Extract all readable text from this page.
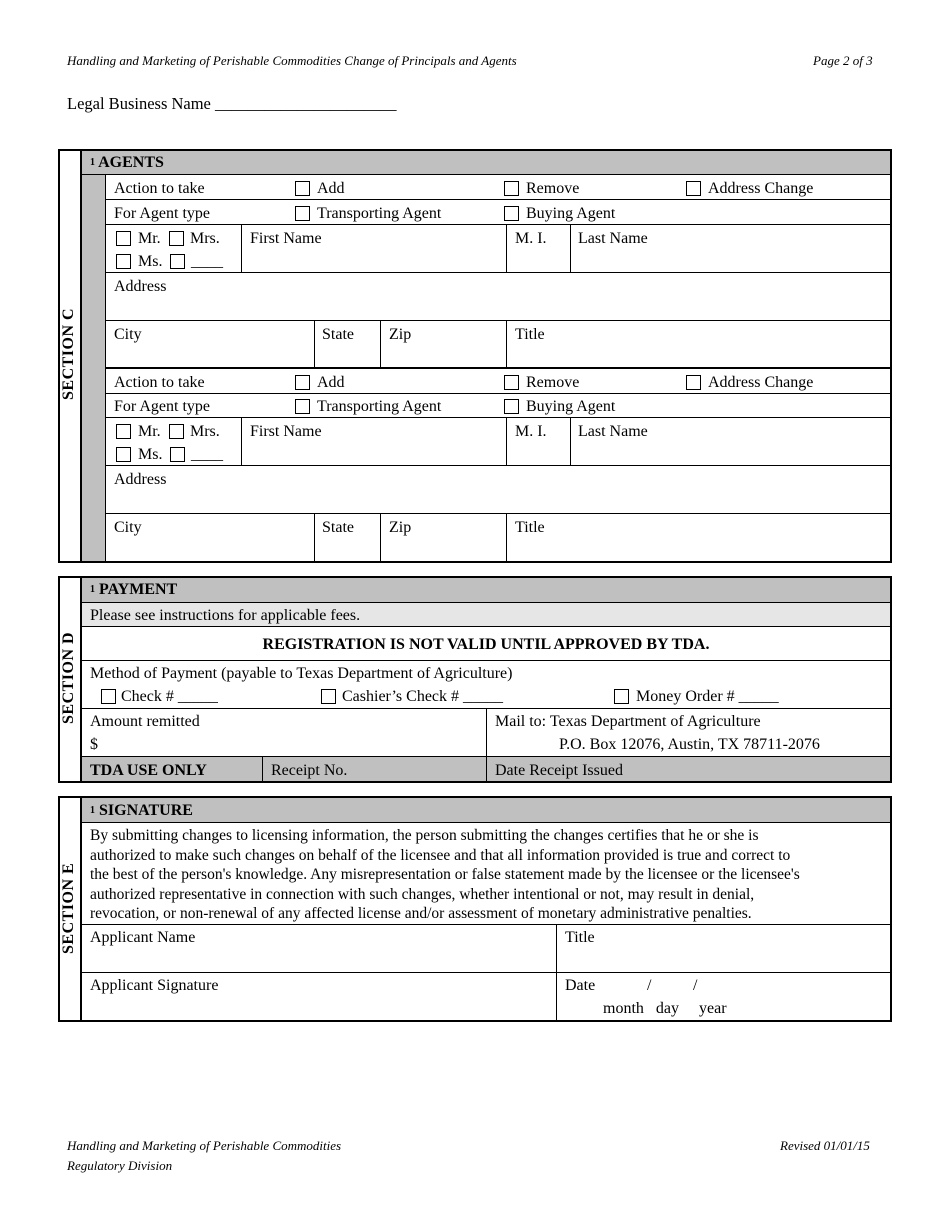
Handling and Marketing of Perishable Commodities Change of Principals and Agents	Page 2 of 3
Legal Business Name ______________________
SECTION C
$^1$ AGENTS
Action to take	Add	Remove	Address Change
For Agent type	Transporting Agent	Buying Agent
Mr. Mrs.
Ms. ____
First Name	M. I. Last Name
Address
City	State Zip	Title
Action to take	Add	Remove	Address Change
For Agent type	Transporting Agent	Buying Agent
Mr. Mrs.
Ms. ____
First Name	M. I. Last Name
Address
City	State Zip	Title
SECTION D
$^1$ PAYMENT
Please see instructions for applicable fees.
REGISTRATION IS NOT VALID UNTIL APPROVED BY TDA.
Method of Payment (payable to Texas Department of Agriculture)
Check # _____	Cashier’s Check # _____	Money Order # _____
Amount remitted
$
Mail to: Texas Department of Agriculture
P.O. Box 12076, Austin, TX 78711-2076
TDA USE ONLY	Receipt No.	Date Receipt Issued
SECTION E
$^1$ SIGNATURE
By submitting changes to licensing information, the person submitting the changes certifies that he or she is
authorized to make such changes on behalf of the licensee and that all information provided is true and correct to
the best of the person's knowledge. Any misrepresentation or false statement made by the licensee or the licensee's
authorized representative in connection with such changes, whether intentional or not, may result in denial,
revocation, or non-renewal of any affected license and/or assessment of monetary administrative penalties.
Applicant Name	Title
Applicant Signature	Date	/	/
month   day     year
Handling and Marketing of Perishable Commodities
Regulatory Division
Revised 01/01/15
